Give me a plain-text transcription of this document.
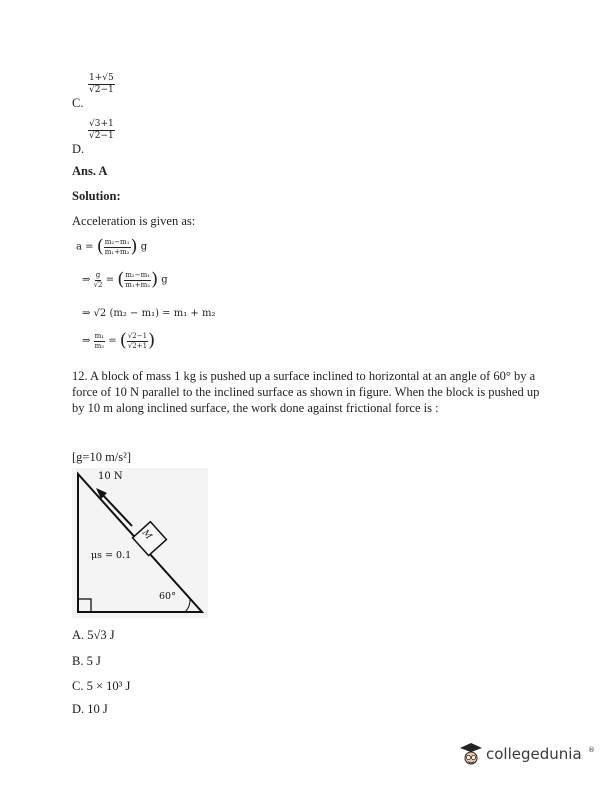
C.
$\frac{1+√5}{√2-1}$
D.
$\frac{√3+1}{√2-1}$
Ans. A
Solution:
Acceleration is given as:
a = ( $\frac{\text{m₂−m₁}}{\text{m₁+m₂}}$ ) g
⇒ $\frac{g}{√2}$ = ( $\frac{\text{m₂−m₁}}{\text{m₁+m₂}}$ ) g
⇒ √2 (m₂ − m₁) = m₁ + m₂
⇒ $\frac{\text{m₁}}{\text{m₂}}$ = ( $\frac{√2-1}{√2+1}$ )
12. A block of mass 1 kg is pushed up a surface inclined to horizontal at an angle of 60° by a force of 10 N parallel to the inclined surface as shown in figure. When the block is pushed up by 10 m along inclined surface, the work done against frictional force is :
[g=10 m/s²]
10 N
M
μs = 0.1
60°
A. 5√3 J
B. 5 J
C. 5 × 10³ J
D. 10 J
collegedunia ®
